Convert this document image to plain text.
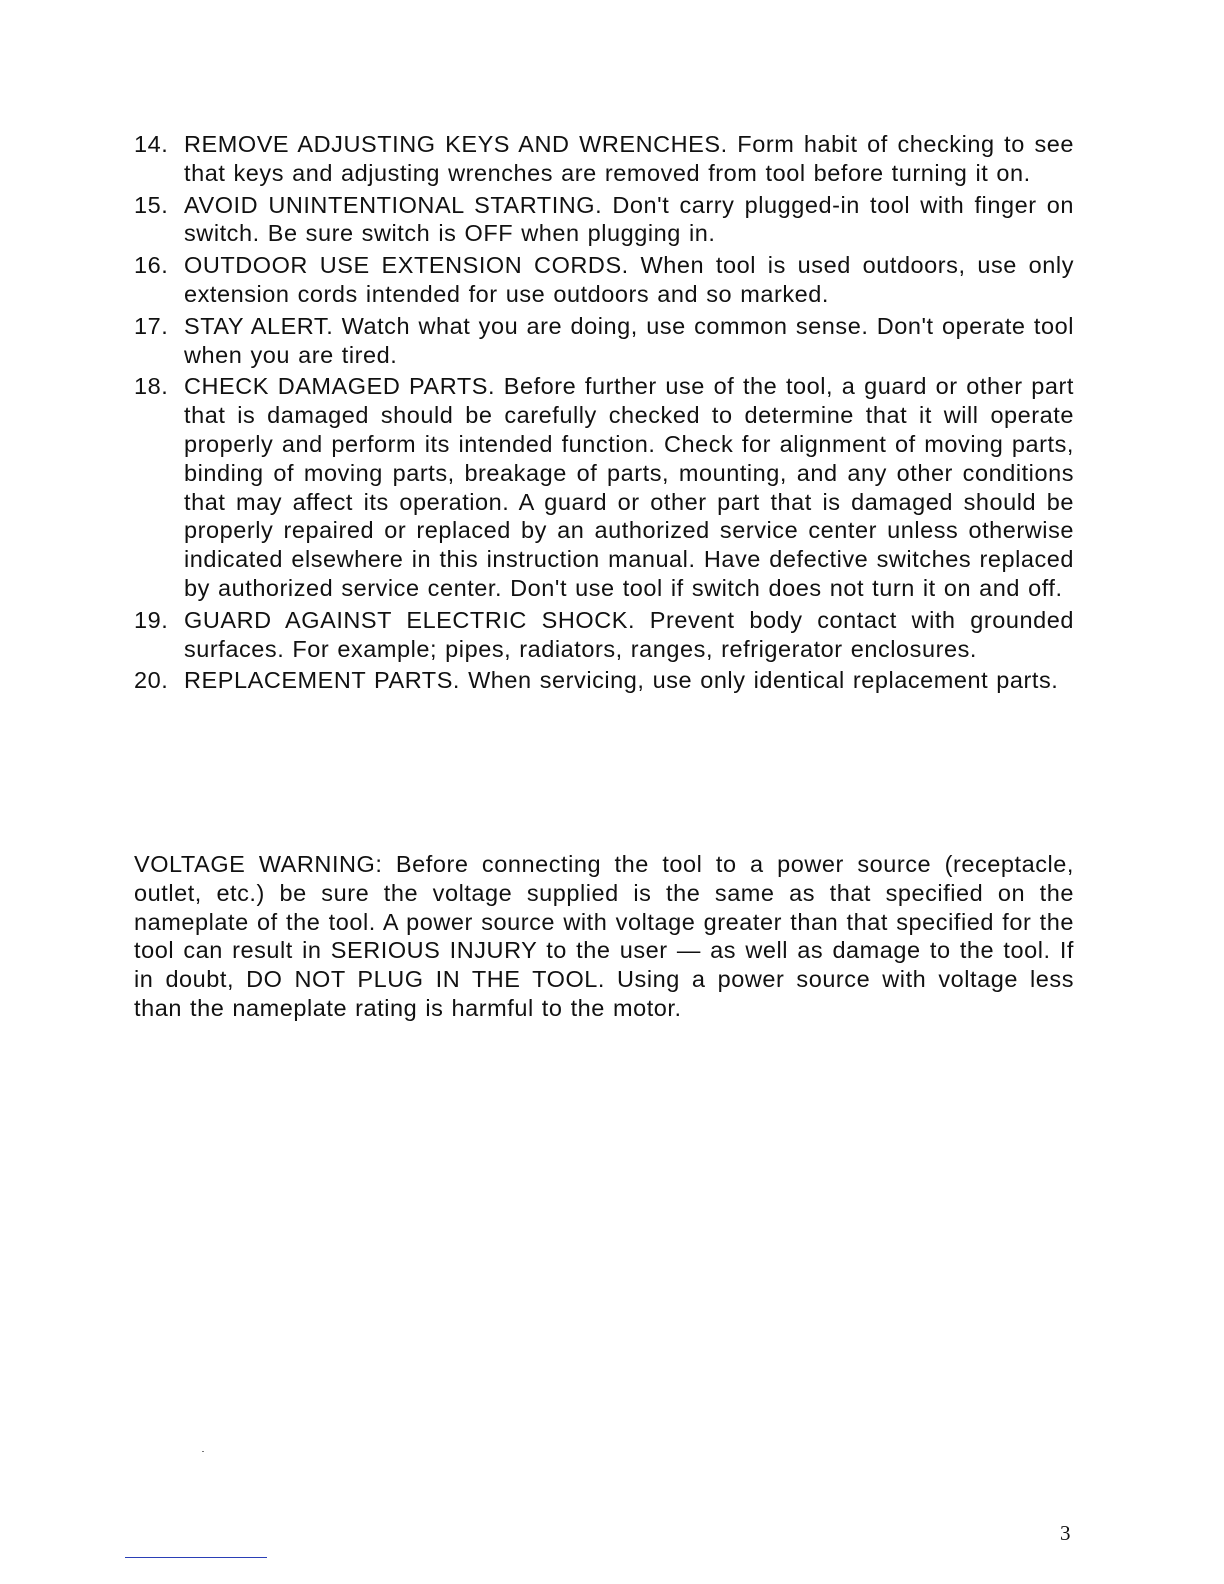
14. REMOVE ADJUSTING KEYS AND WRENCHES. Form habit of checking to see that keys and adjusting wrenches are removed from tool before turning it on.
15. AVOID UNINTENTIONAL STARTING. Don't carry plugged-in tool with finger on switch. Be sure switch is OFF when plugging in.
16. OUTDOOR USE EXTENSION CORDS. When tool is used outdoors, use only extension cords intended for use outdoors and so marked.
17. STAY ALERT. Watch what you are doing, use common sense. Don't operate tool when you are tired.
18. CHECK DAMAGED PARTS. Before further use of the tool, a guard or other part that is damaged should be carefully checked to determine that it will operate properly and perform its intended function. Check for alignment of moving parts, binding of moving parts, breakage of parts, mounting, and any other conditions that may affect its operation. A guard or other part that is damaged should be properly repaired or replaced by an authorized service center unless otherwise indicated elsewhere in this instruction manual. Have defective switches replaced by authorized service center. Don't use tool if switch does not turn it on and off.
19. GUARD AGAINST ELECTRIC SHOCK. Prevent body contact with grounded surfaces. For example; pipes, radiators, ranges, refrigerator enclosures.
20. REPLACEMENT PARTS. When servicing, use only identical replacement parts.

VOLTAGE WARNING: Before connecting the tool to a power source (receptacle, outlet, etc.) be sure the voltage supplied is the same as that specified on the nameplate of the tool. A power source with voltage greater than that specified for the tool can result in SERIOUS INJURY to the user — as well as damage to the tool. If in doubt, DO NOT PLUG IN THE TOOL. Using a power source with voltage less than the nameplate rating is harmful to the motor.

3
